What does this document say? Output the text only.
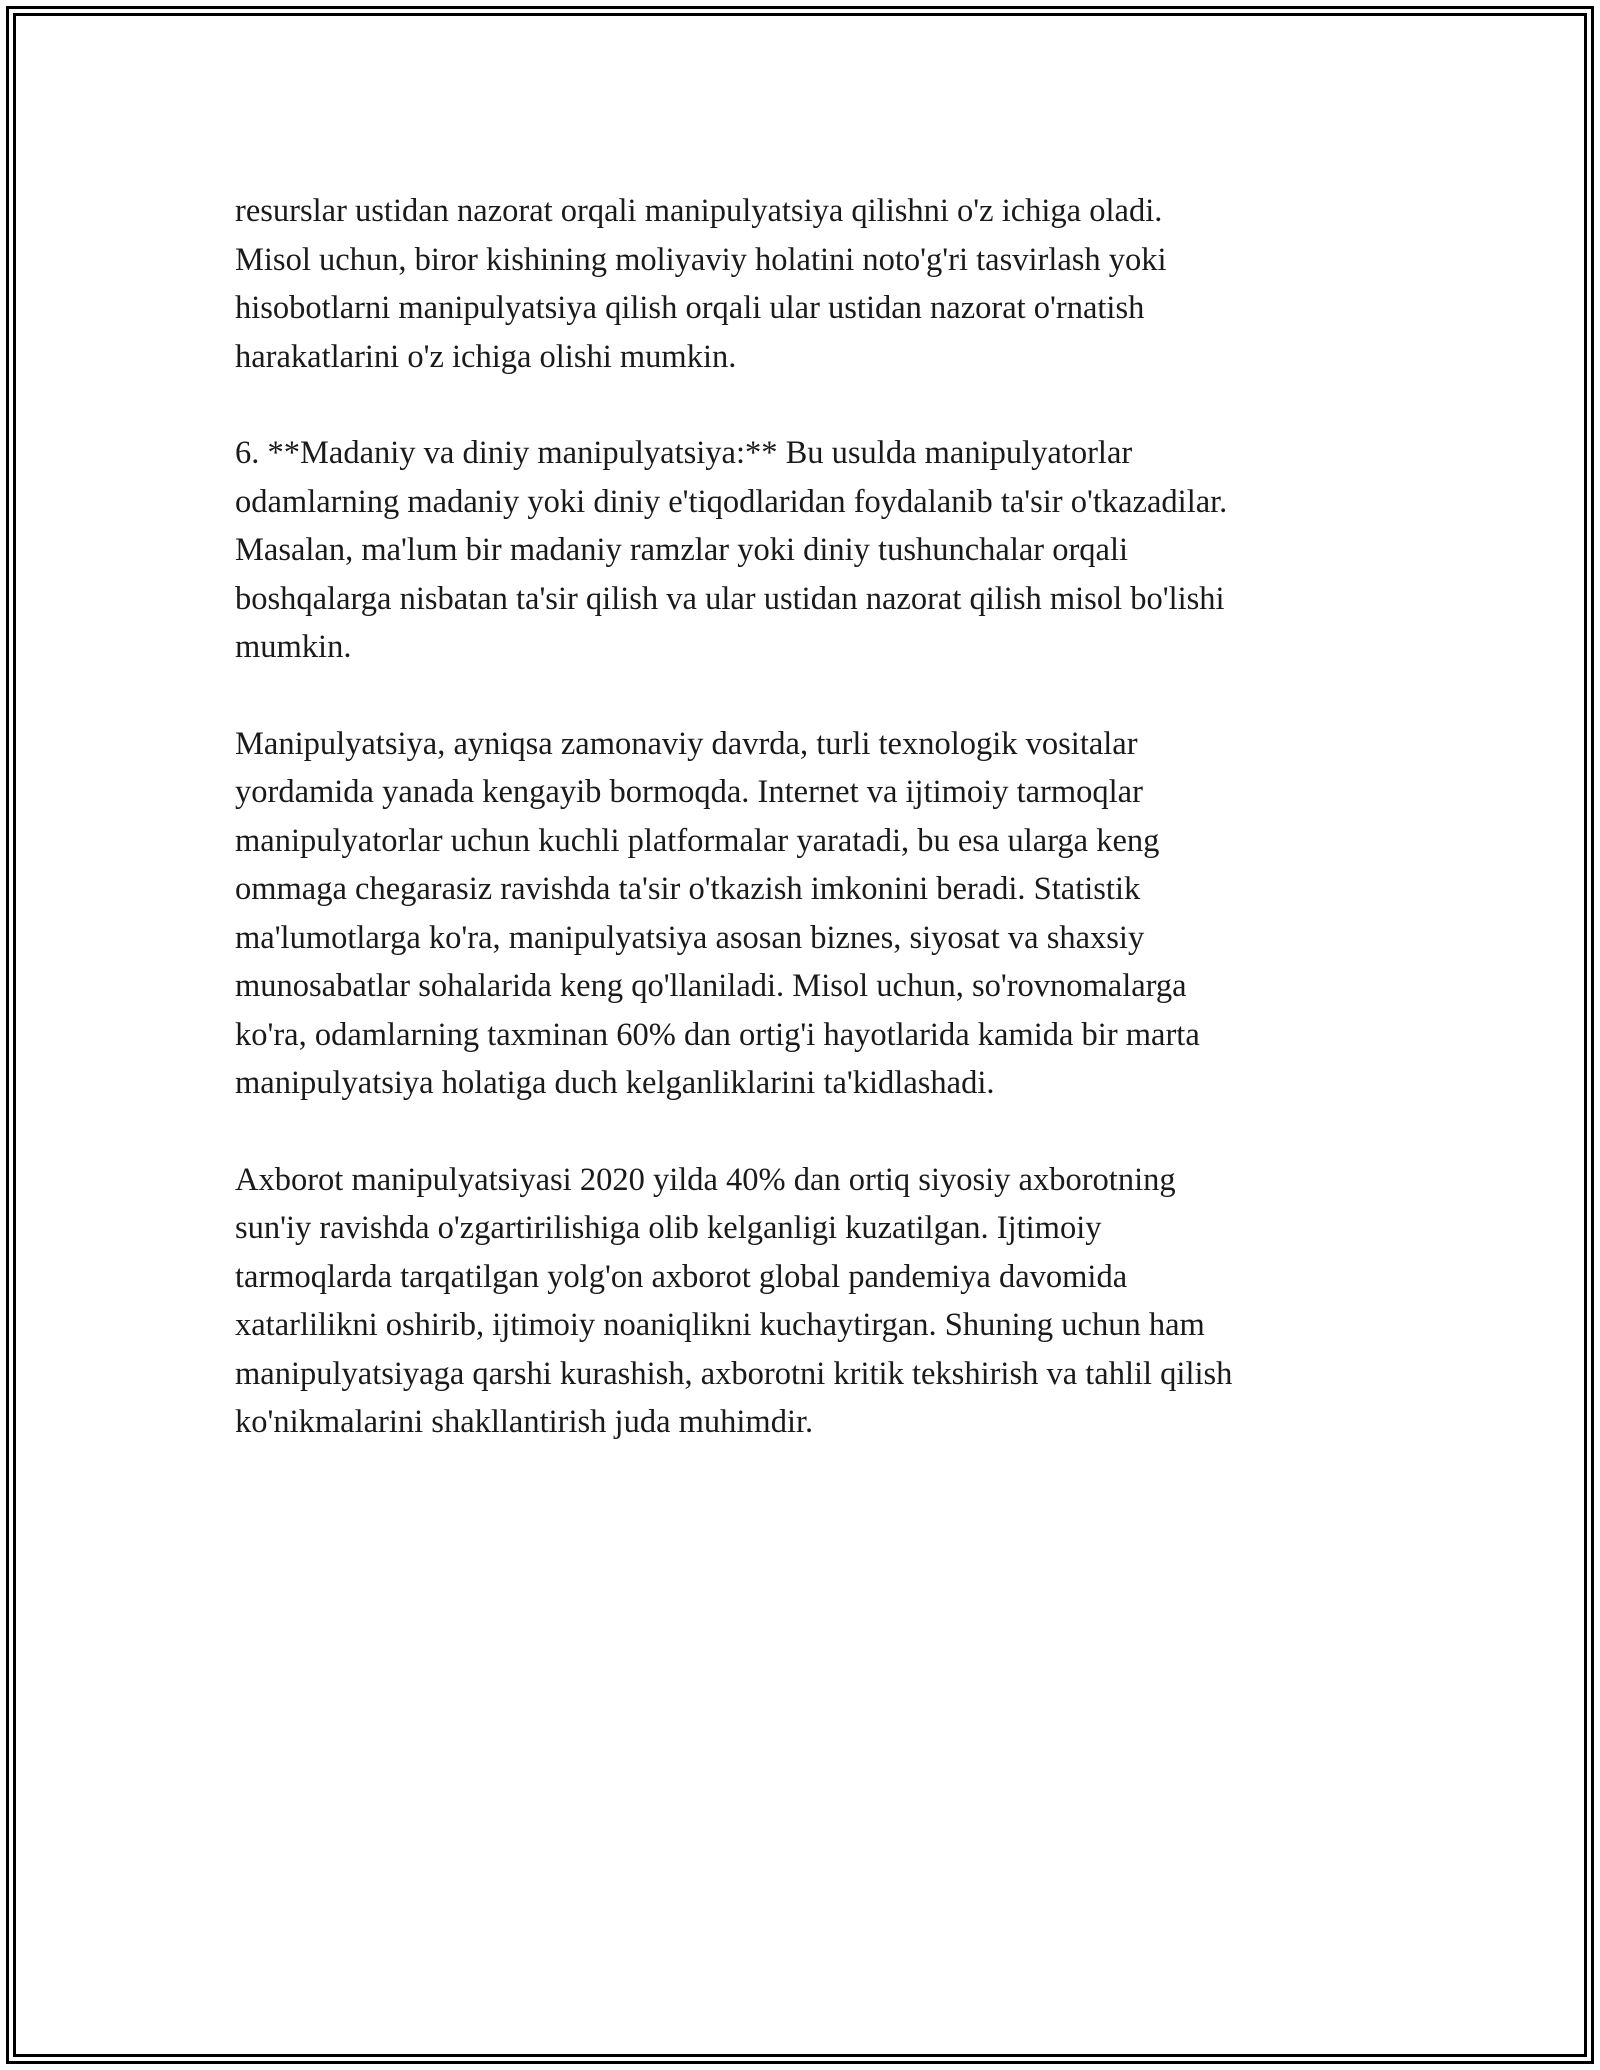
resurslar ustidan nazorat orqali manipulyatsiya qilishni o'z ichiga oladi.
Misol uchun, biror kishining moliyaviy holatini noto'g'ri tasvirlash yoki
hisobotlarni manipulyatsiya qilish orqali ular ustidan nazorat o'rnatish
harakatlarini o'z ichiga olishi mumkin.

6. **Madaniy va diniy manipulyatsiya:** Bu usulda manipulyatorlar
odamlarning madaniy yoki diniy e'tiqodlaridan foydalanib ta'sir o'tkazadilar.
Masalan, ma'lum bir madaniy ramzlar yoki diniy tushunchalar orqali
boshqalarga nisbatan ta'sir qilish va ular ustidan nazorat qilish misol bo'lishi
mumkin.

Manipulyatsiya, ayniqsa zamonaviy davrda, turli texnologik vositalar
yordamida yanada kengayib bormoqda. Internet va ijtimoiy tarmoqlar
manipulyatorlar uchun kuchli platformalar yaratadi, bu esa ularga keng
ommaga chegarasiz ravishda ta'sir o'tkazish imkonini beradi. Statistik
ma'lumotlarga ko'ra, manipulyatsiya asosan biznes, siyosat va shaxsiy
munosabatlar sohalarida keng qo'llaniladi. Misol uchun, so'rovnomalarga
ko'ra, odamlarning taxminan 60% dan ortig'i hayotlarida kamida bir marta
manipulyatsiya holatiga duch kelganliklarini ta'kidlashadi.

Axborot manipulyatsiyasi 2020 yilda 40% dan ortiq siyosiy axborotning
sun'iy ravishda o'zgartirilishiga olib kelganligi kuzatilgan. Ijtimoiy
tarmoqlarda tarqatilgan yolg'on axborot global pandemiya davomida
xatarlilikni oshirib, ijtimoiy noaniqlikni kuchaytirgan. Shuning uchun ham
manipulyatsiyaga qarshi kurashish, axborotni kritik tekshirish va tahlil qilish
ko'nikmalarini shakllantirish juda muhimdir.
